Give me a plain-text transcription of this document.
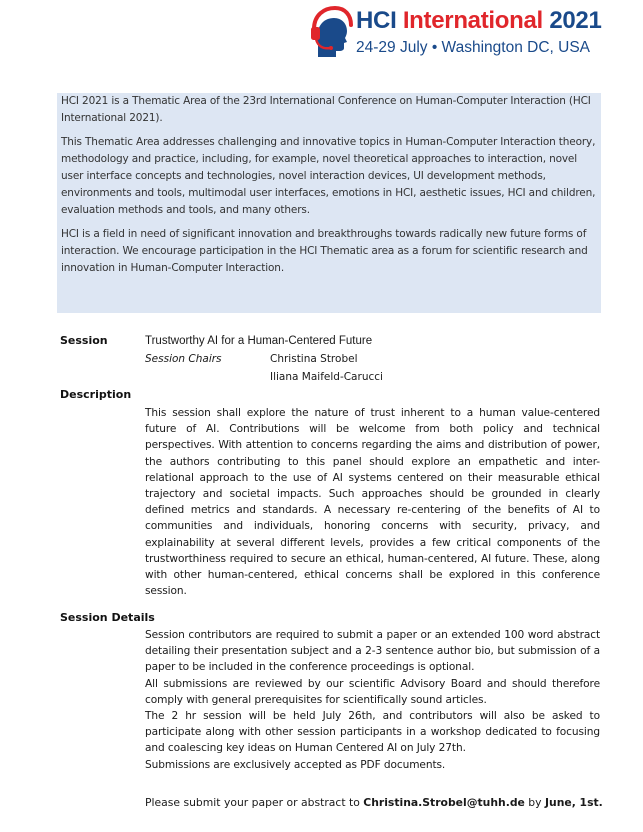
HCI International 2021
24-29 July • Washington DC, USA

HCI 2021 is a Thematic Area of the 23rd International Conference on Human-Computer Interaction (HCI International 2021).

This Thematic Area addresses challenging and innovative topics in Human-Computer Interaction theory, methodology and practice, including, for example, novel theoretical approaches to interaction, novel user interface concepts and technologies, novel interaction devices, UI development methods, environments and tools, multimodal user interfaces, emotions in HCI, aesthetic issues, HCI and children, evaluation methods and tools, and many others.

HCI is a field in need of significant innovation and breakthroughs towards radically new future forms of interaction. We encourage participation in the HCI Thematic area as a forum for scientific research and innovation in Human-Computer Interaction.

Session	Trustworthy AI for a Human-Centered Future
Session Chairs	Christina Strobel
Iliana Maifeld-Carucci
Description

This session shall explore the nature of trust inherent to a human value-centered future of AI. Contributions will be welcome from both policy and technical perspectives. With attention to concerns regarding the aims and distribution of power, the authors contributing to this panel should explore an empathetic and inter-relational approach to the use of AI systems centered on their measurable ethical trajectory and societal impacts. Such approaches should be grounded in clearly defined metrics and standards. A necessary re-centering of the benefits of AI to communities and individuals, honoring concerns with security, privacy, and explainability at several different levels, provides a few critical components of the trustworthiness required to secure an ethical, human-centered, AI future. These, along with other human-centered, ethical concerns shall be explored in this conference session.

Session Details

Session contributors are required to submit a paper or an extended 100 word abstract detailing their presentation subject and a 2-3 sentence author bio, but submission of a paper to be included in the conference proceedings is optional.

All submissions are reviewed by our scientific Advisory Board and should therefore comply with general prerequisites for scientifically sound articles.

The 2 hr session will be held July 26th, and contributors will also be asked to participate along with other session participants in a workshop dedicated to focusing and coalescing key ideas on Human Centered AI on July 27th.

Submissions are exclusively accepted as PDF documents.

Please submit your paper or abstract to Christina.Strobel@tuhh.de by June, 1st.
